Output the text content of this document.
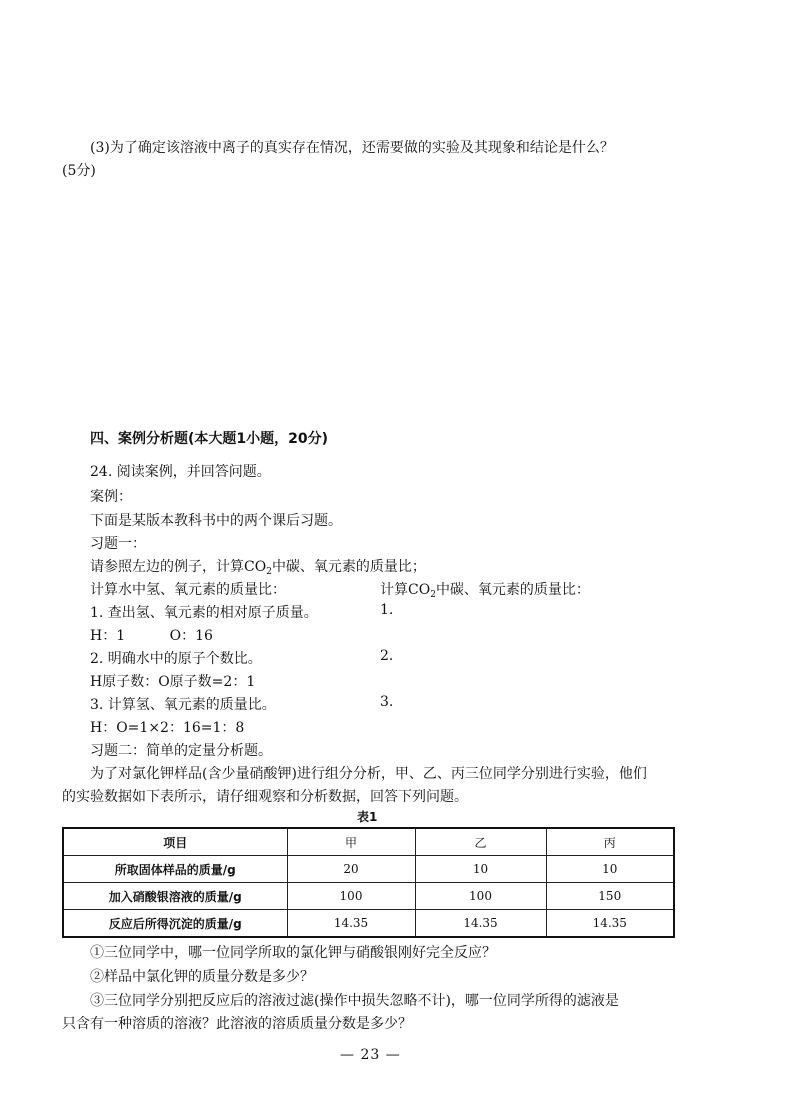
(3)为了确定该溶液中离子的真实存在情况，还需要做的实验及其现象和结论是什么？
(5分)
四、案例分析题(本大题1小题，20分)
24. 阅读案例，并回答问题。
案例：
下面是某版本教科书中的两个课后习题。
习题一：
请参照左边的例子，计算$CO_2$中碳、氧元素的质量比；
计算水中氢、氧元素的质量比：
1. 查出氢、氧元素的相对原子质量。
H：1          O：16
2. 明确水中的原子个数比。
H原子数：O原子数=2：1
3. 计算氢、氧元素的质量比。
H：O=1×2：16=1：8
计算$CO_2$中碳、氧元素的质量比：
1.
2.
3.
习题二：简单的定量分析题。
为了对氯化钾样品(含少量硝酸钾)进行组分分析，甲、乙、丙三位同学分别进行实验，他们
的实验数据如下表所示，请仔细观察和分析数据，回答下列问题。
表1
项目	甲	乙	丙
所取固体样品的质量/g	20	10	10
加入硝酸银溶液的质量/g	100	100	150
反应后所得沉淀的质量/g	14.35	14.35	14.35
①三位同学中，哪一位同学所取的氯化钾与硝酸银刚好完全反应？
②样品中氯化钾的质量分数是多少？
③三位同学分别把反应后的溶液过滤(操作中损失忽略不计)，哪一位同学所得的滤液是
只含有一种溶质的溶液？此溶液的溶质质量分数是多少？
— 23 —
